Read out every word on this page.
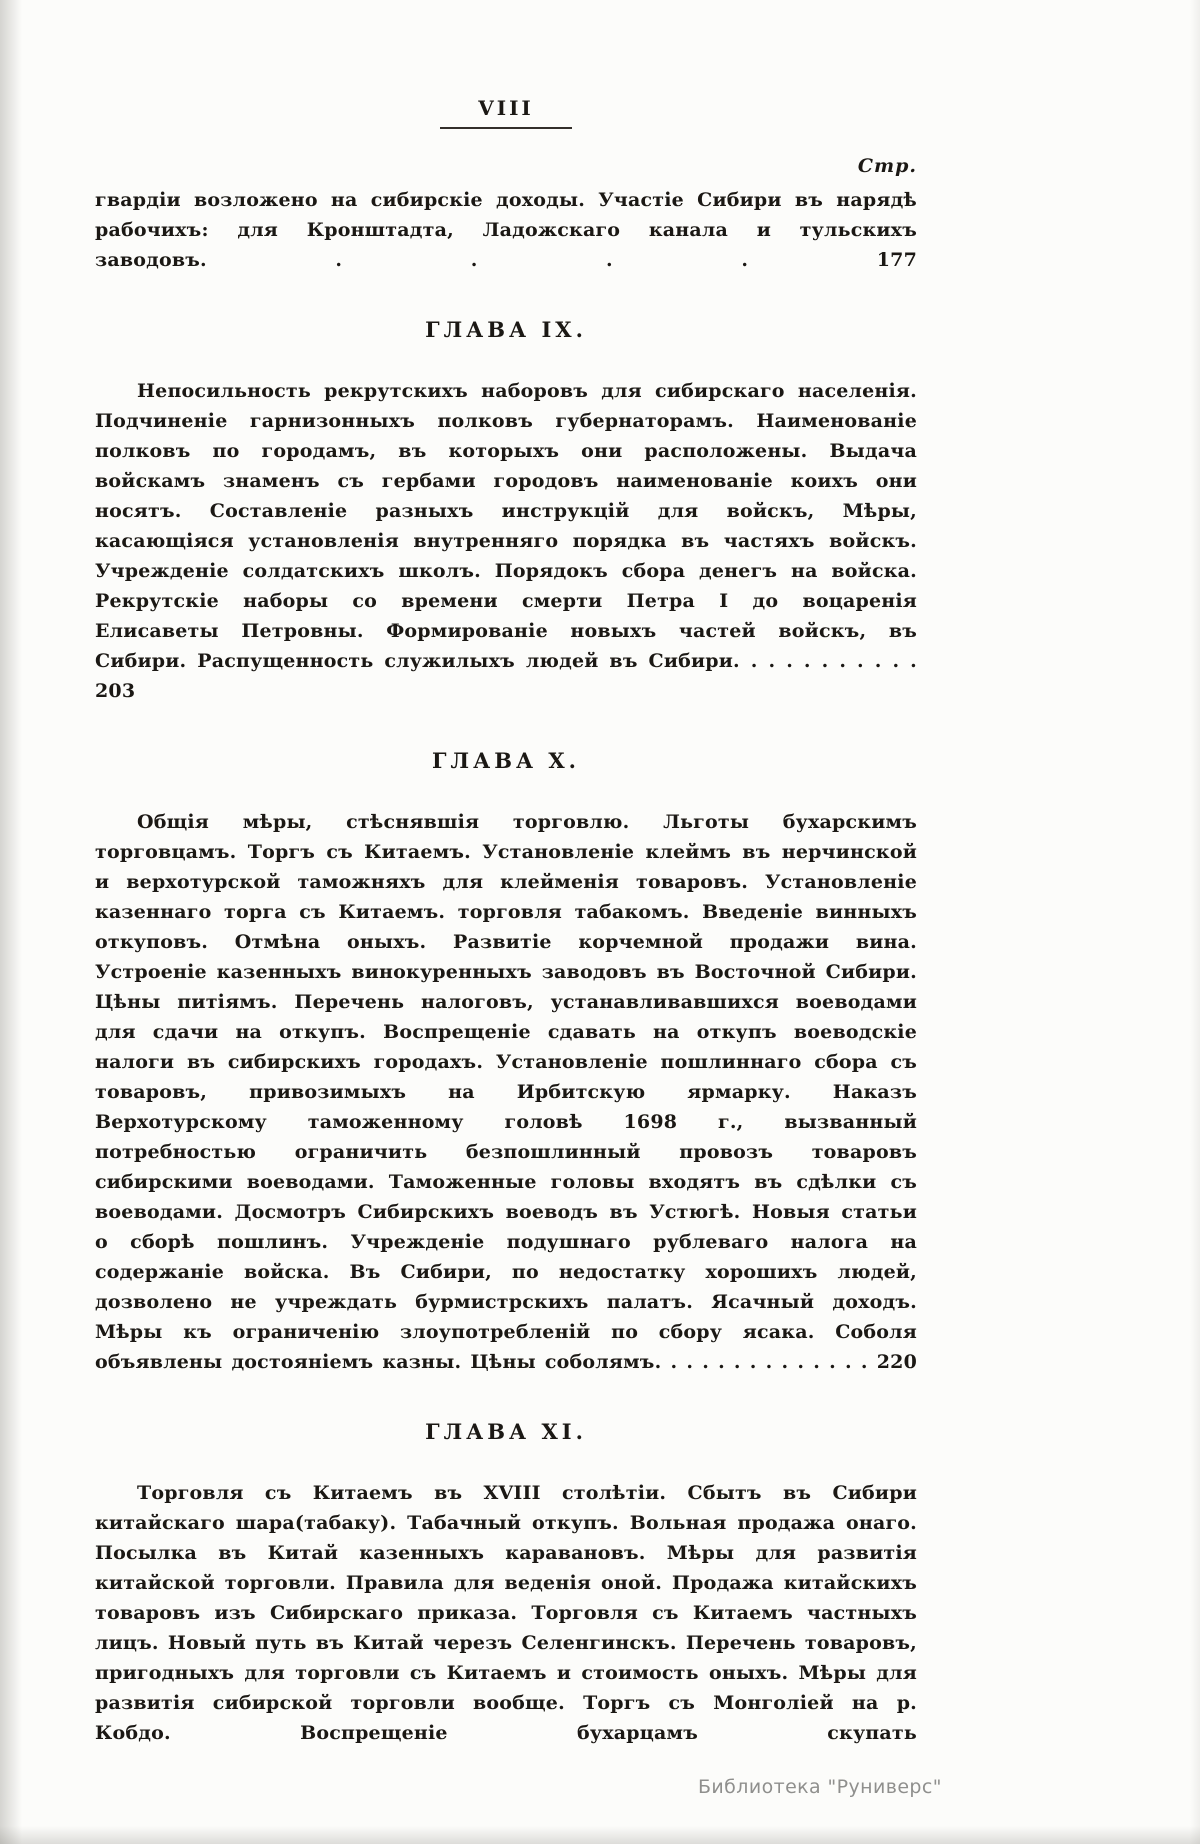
VIII
Стр.

гвардіи возложено на сибирскіе доходы. Участіе Сибири въ нарядѣ рабочихъ: для Кронштадта, Ладожскаго канала и тульскихъ заводовъ.	. . . .	177

ГЛАВА IX.

Непосильность рекрутскихъ наборовъ для сибирскаго населенія. Подчиненіе гарнизонныхъ полковъ губернаторамъ. Наименованіе полковъ по городамъ, въ которыхъ они расположены. Выдача войскамъ знаменъ съ гербами городовъ наименованіе коихъ они носятъ. Составленіе разныхъ инструкцій для войскъ, Мѣры, касающіяся установленія внутренняго порядка въ частяхъ войскъ. Учрежденіе солдатскихъ школъ. Порядокъ сбора денегъ на войска. Рекрутскіе наборы со времени смерти Петра I до воцаренія Елисаветы Петровны. Формированіе новыхъ частей войскъ, въ Сибири. Распущенность служилыхъ людей въ Сибири. . . . . . . . . . . 203

ГЛАВА X.

Общія мѣры, стѣснявшія торговлю. Льготы бухарскимъ торговцамъ. Торгъ съ Китаемъ. Установленіе клеймъ въ нерчинской и верхотурской таможняхъ для клейменія товаровъ. Установленіе казеннаго торга съ Китаемъ. торговля табакомъ. Введеніе винныхъ откуповъ. Отмѣна оныхъ. Развитіе корчемной продажи вина. Устроеніе казенныхъ винокуренныхъ заводовъ въ Восточной Сибири. Цѣны питіямъ. Перечень налоговъ, устанавливавшихся воеводами для сдачи на откупъ. Воспрещеніе сдавать на откупъ воеводскіе налоги въ сибирскихъ городахъ. Установленіе пошлиннаго сбора съ товаровъ, привозимыхъ на Ирбитскую ярмарку. Наказъ Верхотурскому таможенному головѣ 1698 г., вызванный потребностью ограничить безпошлинный провозъ товаровъ сибирскими воеводами. Таможенные головы входятъ въ сдѣлки съ воеводами. Досмотръ Сибирскихъ воеводъ въ Устюгѣ. Новыя статьи о сборѣ пошлинъ. Учрежденіе подушнаго рублеваго налога на содержаніе войска. Въ Сибири, по недостатку хорошихъ людей, дозволено не учреждать бурмистрскихъ палатъ. Ясачный доходъ. Мѣры къ ограниченію злоупотребленій по сбору ясака. Соболя объявлены достояніемъ казны. Цѣны соболямъ. . . . . . . . . . . . . . 220

ГЛАВА XI.

Торговля съ Китаемъ въ XVIII столѣтіи. Сбытъ въ Сибири китайскаго шара(табаку). Табачный откупъ. Вольная продажа онаго. Посылка въ Китай казенныхъ каравановъ. Мѣры для развитія китайской торговли. Правила для веденія оной. Продажа китайскихъ товаровъ изъ Сибирскаго приказа. Торговля съ Китаемъ частныхъ лицъ. Новый путь въ Китай черезъ Селенгинскъ. Перечень товаровъ, пригодныхъ для торговли съ Китаемъ и стоимость оныхъ. Мѣры для развитія сибирской торговли вообще. Торгъ съ Монголіей на р. Кобдо. Воспрещеніе бухарцамъ скупать

Библиотека "Руниверс"
